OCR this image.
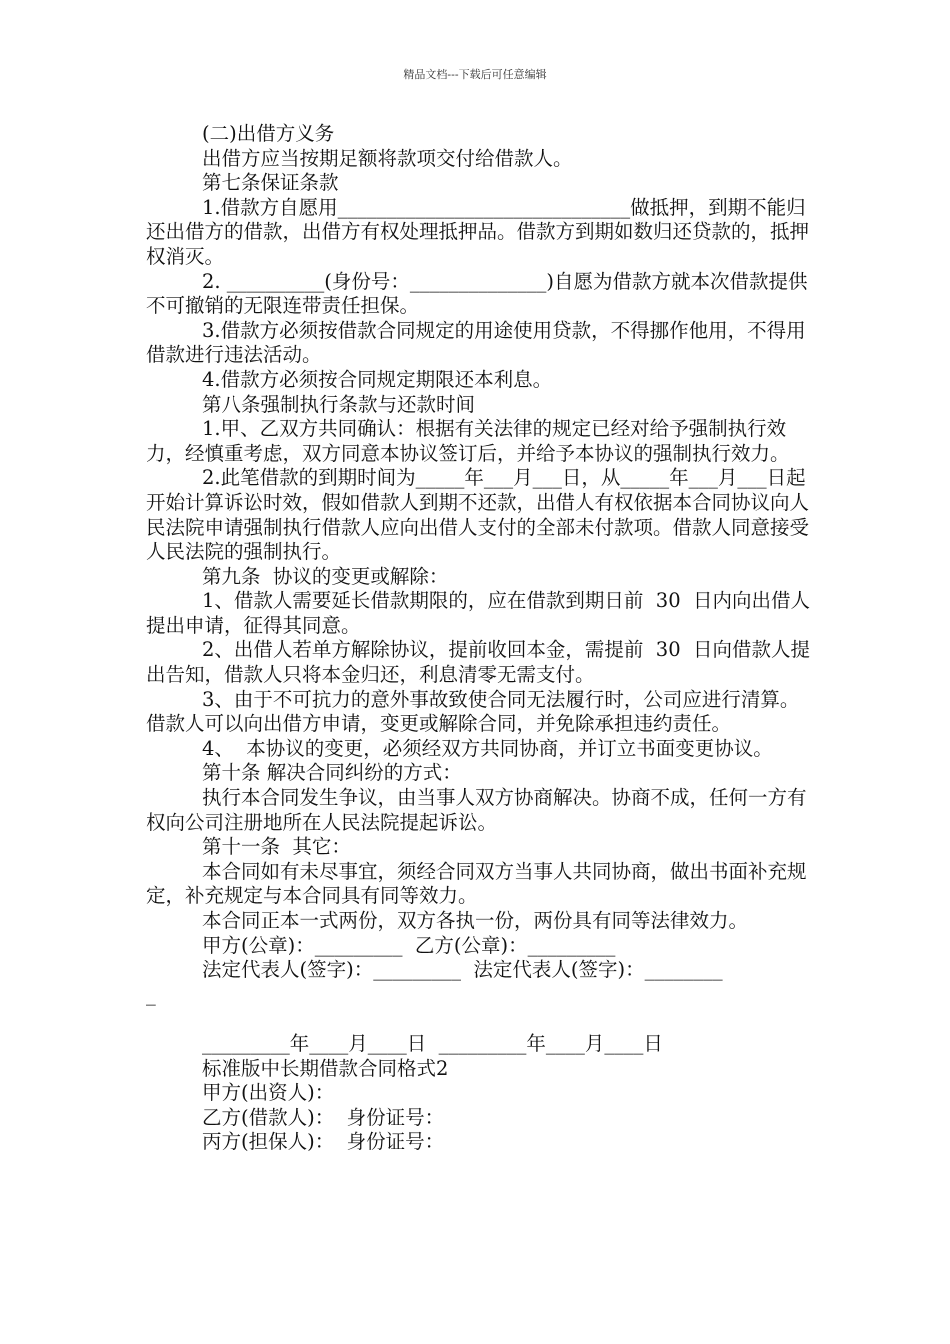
精品文档---下载后可任意编辑

(二)出借方义务

出借方应当按期足额将款项交付给借款人。

第七条保证条款

1.借款方自愿用______________________________做抵押，到期不能归还出借方的借款，出借方有权处理抵押品。借款方到期如数归还贷款的，抵押权消灭。

2. __________(身份号：______________)自愿为借款方就本次借款提供不可撤销的无限连带责任担保。

3.借款方必须按借款合同规定的用途使用贷款，不得挪作他用，不得用借款进行违法活动。

4.借款方必须按合同规定期限还本利息。

第八条强制执行条款与还款时间

1.甲、乙双方共同确认：根据有关法律的规定已经对给予强制执行效力，经慎重考虑，双方同意本协议签订后，并给予本协议的强制执行效力。

2.此笔借款的到期时间为_____年___月___日，从_____年___月___日起开始计算诉讼时效，假如借款人到期不还款，出借人有权依据本合同协议向人民法院申请强制执行借款人应向出借人支付的全部未付款项。借款人同意接受人民法院的强制执行。

第九条  协议的变更或解除：

1、借款人需要延长借款期限的，应在借款到期日前  30  日内向出借人提出申请，征得其同意。

2、出借人若单方解除协议，提前收回本金，需提前  30  日向借款人提出告知，借款人只将本金归还，利息清零无需支付。

3、由于不可抗力的意外事故致使合同无法履行时，公司应进行清算。借款人可以向出借方申请，变更或解除合同，并免除承担违约责任。

4、  本协议的变更，必须经双方共同协商，并订立书面变更协议。

第十条 解决合同纠纷的方式：

执行本合同发生争议，由当事人双方协商解决。协商不成，任何一方有权向公司注册地所在人民法院提起诉讼。

第十一条  其它：

本合同如有未尽事宜，须经合同双方当事人共同协商，做出书面补充规定，补充规定与本合同具有同等效力。

本合同正本一式两份，双方各执一份，两份具有同等法律效力。

甲方(公章)：_________  乙方(公章)：_________

法定代表人(签字)：_________  法定代表人(签字)：________

_

_________年____月____日  _________年____月____日

标准版中长期借款合同格式2

甲方(出资人)：

乙方(借款人)：  身份证号：

丙方(担保人)：  身份证号：
